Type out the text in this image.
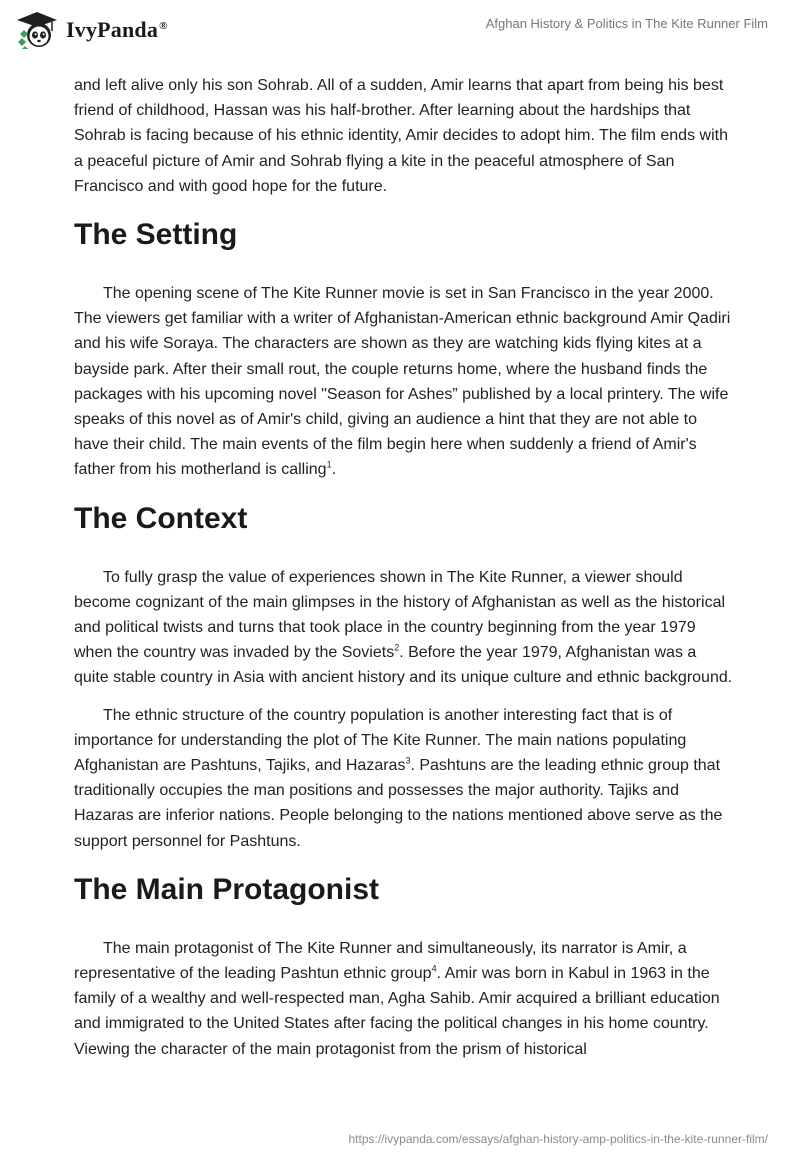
IvyPanda®	Afghan History & Politics in The Kite Runner Film

and left alive only his son Sohrab. All of a sudden, Amir learns that apart from being his best friend of childhood, Hassan was his half-brother. After learning about the hardships that Sohrab is facing because of his ethnic identity, Amir decides to adopt him. The film ends with a peaceful picture of Amir and Sohrab flying a kite in the peaceful atmosphere of San Francisco and with good hope for the future.

The Setting

The opening scene of The Kite Runner movie is set in San Francisco in the year 2000. The viewers get familiar with a writer of Afghanistan-American ethnic background Amir Qadiri and his wife Soraya. The characters are shown as they are watching kids flying kites at a bayside park. After their small rout, the couple returns home, where the husband finds the packages with his upcoming novel "Season for Ashes” published by a local printery. The wife speaks of this novel as of Amir's child, giving an audience a hint that they are not able to have their child. The main events of the film begin here when suddenly a friend of Amir's father from his motherland is calling$^1$.

The Context

To fully grasp the value of experiences shown in The Kite Runner, a viewer should become cognizant of the main glimpses in the history of Afghanistan as well as the historical and political twists and turns that took place in the country beginning from the year 1979 when the country was invaded by the Soviets$^2$. Before the year 1979, Afghanistan was a quite stable country in Asia with ancient history and its unique culture and ethnic background.

The ethnic structure of the country population is another interesting fact that is of importance for understanding the plot of The Kite Runner. The main nations populating Afghanistan are Pashtuns, Tajiks, and Hazaras$^3$. Pashtuns are the leading ethnic group that traditionally occupies the man positions and possesses the major authority. Tajiks and Hazaras are inferior nations. People belonging to the nations mentioned above serve as the support personnel for Pashtuns.

The Main Protagonist

The main protagonist of The Kite Runner and simultaneously, its narrator is Amir, a representative of the leading Pashtun ethnic group$^4$. Amir was born in Kabul in 1963 in the family of a wealthy and well-respected man, Agha Sahib. Amir acquired a brilliant education and immigrated to the United States after facing the political changes in his home country. Viewing the character of the main protagonist from the prism of historical

https://ivypanda.com/essays/afghan-history-amp-politics-in-the-kite-runner-film/
